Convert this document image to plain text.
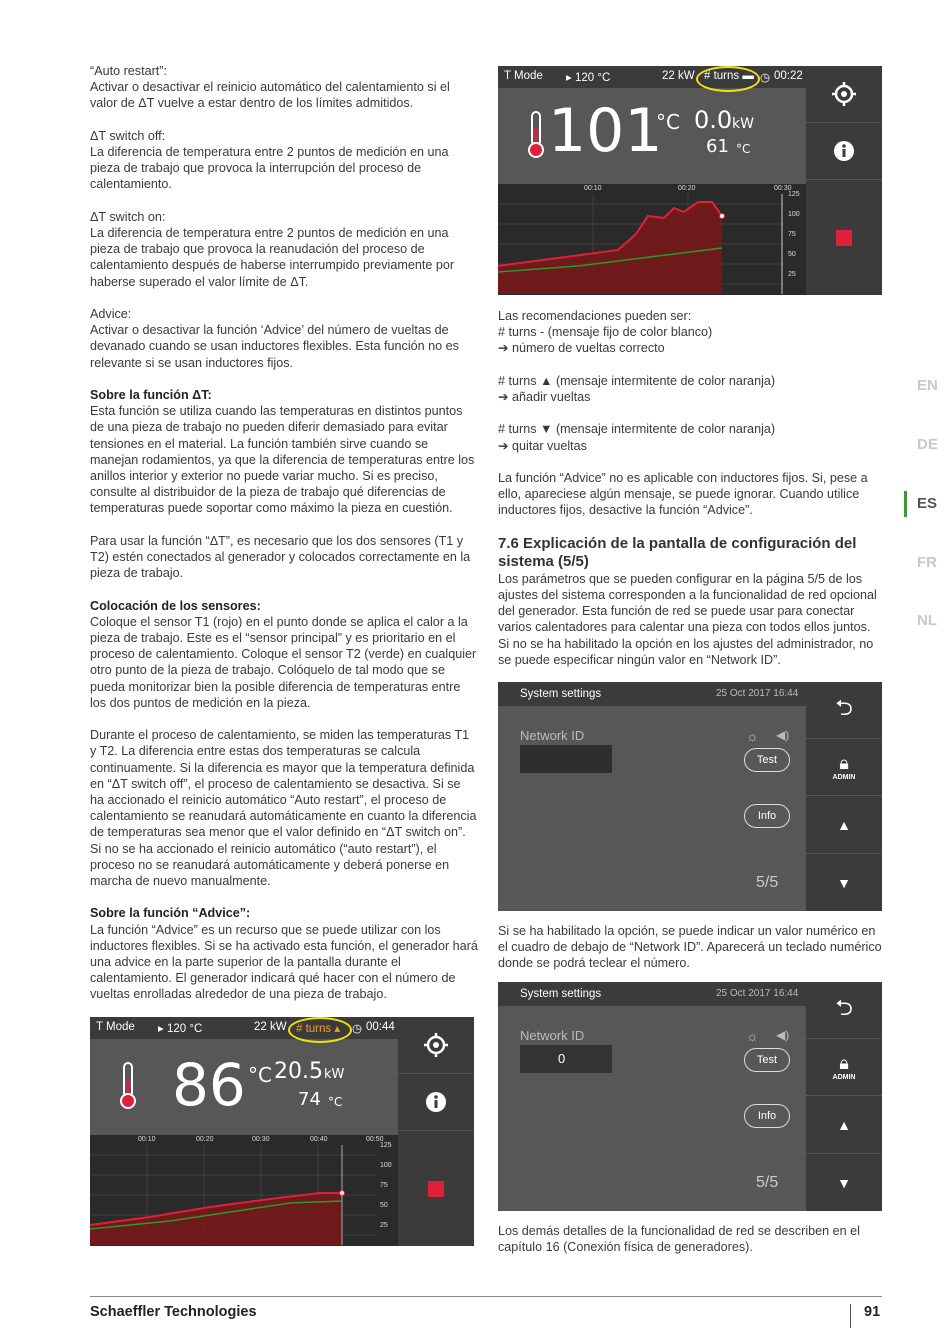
“Auto restart”:
Activar o desactivar el reinicio automático del calentamiento si el valor de ΔT vuelve a estar dentro de los límites admitidos.

ΔT switch off:
La diferencia de temperatura entre 2 puntos de medición en una pieza de trabajo que provoca la interrupción del proceso de calentamiento.

ΔT switch on:
La diferencia de temperatura entre 2 puntos de medición en una pieza de trabajo que provoca la reanudación del proceso de calentamiento después de haberse interrumpido previamente por haberse superado el valor límite de ΔT.

Advice:
Activar o desactivar la función ‘Advice’ del número de vueltas de devanado cuando se usan inductores flexibles. Esta función no es relevante si se usan inductores fijos.

Sobre la función ΔT:
Esta función se utiliza cuando las temperaturas en distintos puntos de una pieza de trabajo no pueden diferir demasiado para evitar tensiones en el material. La función también sirve cuando se manejan rodamientos, ya que la diferencia de temperaturas entre los anillos interior y exterior no puede variar mucho. Si es preciso, consulte al distribuidor de la pieza de trabajo qué diferencias de temperaturas puede soportar como máximo la pieza en cuestión.

Para usar la función “ΔT”, es necesario que los dos sensores (T1 y T2) estén conectados al generador y colocados correctamente en la pieza de trabajo.

Colocación de los sensores:
Coloque el sensor T1 (rojo) en el punto donde se aplica el calor a la pieza de trabajo. Este es el “sensor principal” y es prioritario en el proceso de calentamiento. Coloque el sensor T2 (verde) en cualquier otro punto de la pieza de trabajo. Colóquelo de tal modo que se pueda monitorizar bien la posible diferencia de temperaturas entre los dos puntos de medición en la pieza.

Durante el proceso de calentamiento, se miden las temperaturas T1 y T2. La diferencia entre estas dos temperaturas se calcula continuamente. Si la diferencia es mayor que la temperatura definida en “ΔT switch off”, el proceso de calentamiento se desactiva. Si se ha accionado el reinicio automático “Auto restart”, el proceso de calentamiento se reanudará automáticamente en cuanto la diferencia de temperaturas sea menor que el valor definido en “ΔT switch on”. Si no se ha accionado el reinicio automático (“auto restart”), el proceso no se reanudará automáticamente y deberá ponerse en marcha de nuevo manualmente.

Sobre la función “Advice”:
La función “Advice” es un recurso que se puede utilizar con los inductores flexibles. Si se ha activado esta función, el generador hará una advice en la parte superior de la pantalla durante el calentamiento. El generador indicará qué hacer con el número de vueltas enrolladas alrededor de una pieza de trabajo.

T Mode ▸ 120 °C	22 kW # turns ▬ ◷ 00:22
101
°C 0.0 kW
61 °C
00:10	00:20	00:30
125
100
75
50
25

Las recomendaciones pueden ser:
# turns - (mensaje fijo de color blanco)
➔ número de vueltas correcto

# turns ▲ (mensaje intermitente de color naranja)
➔ añadir vueltas

# turns ▼ (mensaje intermitente de color naranja)
➔ quitar vueltas

La función “Advice” no es aplicable con inductores fijos. Si, pese a ello, apareciese algún mensaje, se puede ignorar. Cuando utilice inductores fijos, desactive la función “Advice”.

7.6 Explicación de la pantalla de configuración del sistema (5/5)

Los parámetros que se pueden configurar en la página 5/5 de los ajustes del sistema corresponden a la funcionalidad de red opcional del generador. Esta función de red se puede usar para conectar varios calentadores para calentar una pieza con todos ellos juntos. Si no se ha habilitado la opción en los ajustes del administrador, no se puede especificar ningún valor en “Network ID”.

System settings	25 Oct 2017 16:44
Network ID	☼ ◀)
Test
Info
5/5
⮌
🔒︎
ADMIN
▲
▼

Si se ha habilitado la opción, se puede indicar un valor numérico en el cuadro de debajo de “Network ID”. Aparecerá un teclado numérico donde se podrá teclear el número.

System settings	25 Oct 2017 16:44
Network ID
0
☼ ◀)
Test
Info
5/5
⮌
🔒︎
ADMIN
▲
▼

Los demás detalles de la funcionalidad de red se describen en el capítulo 16 (Conexión física de generadores).

T Mode ▸ 120 °C	22 kW # turns ▴ ◷ 00:44
86 °C 20.5 kW
74 °C
00:10	00:20	00:30	00:40	00:50
125
100
75
50
25
EN
DE
ES
FR
NL
Schaeffler Technologies	91
